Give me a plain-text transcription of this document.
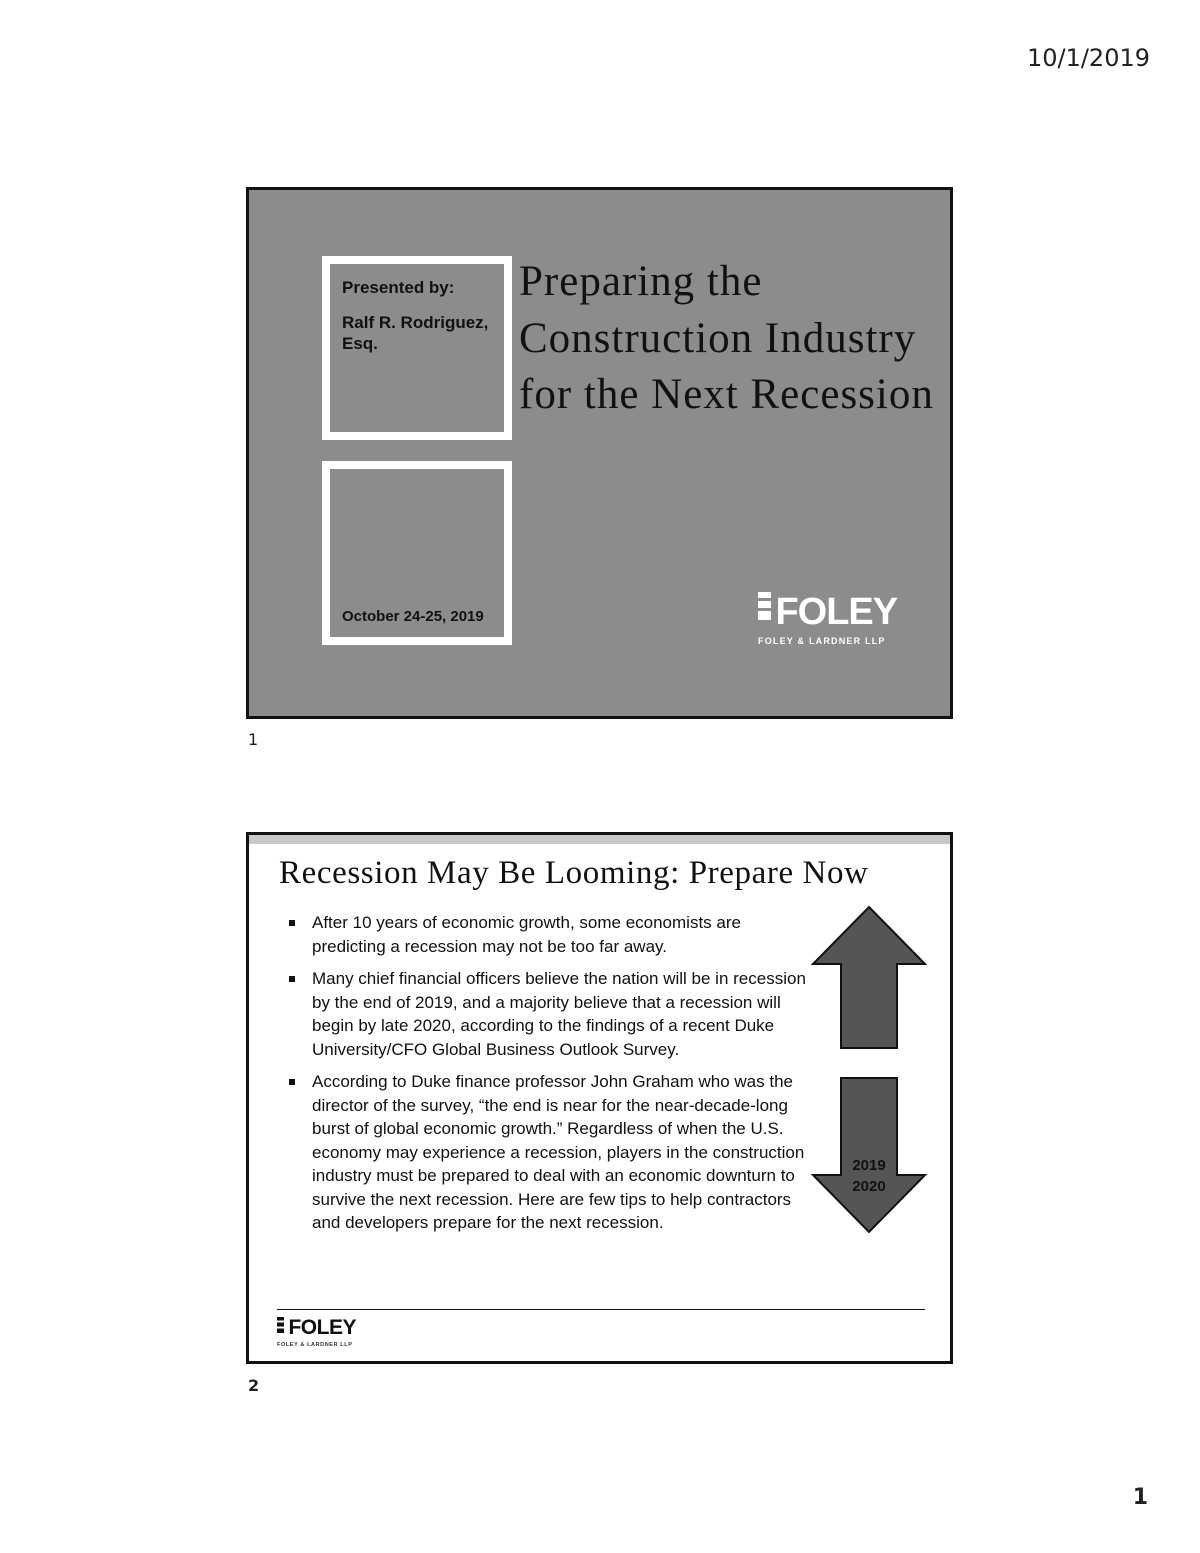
10/1/2019
Presented by:
Ralf R. Rodriguez, Esq.
October 24-25, 2019
Preparing the Construction Industry for the Next Recession
FOLEY
FOLEY & LARDNER LLP
1
Recession May Be Looming: Prepare Now
After 10 years of economic growth, some economists are predicting a recession may not be too far away.
Many chief financial officers believe the nation will be in recession by the end of 2019, and a majority believe that a recession will begin by late 2020, according to the findings of a recent Duke University/CFO Global Business Outlook Survey.
According to Duke finance professor John Graham who was the director of the survey, “the end is near for the near-decade-long burst of global economic growth.” Regardless of when the U.S. economy may experience a recession, players in the construction industry must be prepared to deal with an economic downturn to survive the next recession. Here are few tips to help contractors and developers prepare for the next recession.
2019
2020
FOLEY
FOLEY & LARDNER LLP
2
1
